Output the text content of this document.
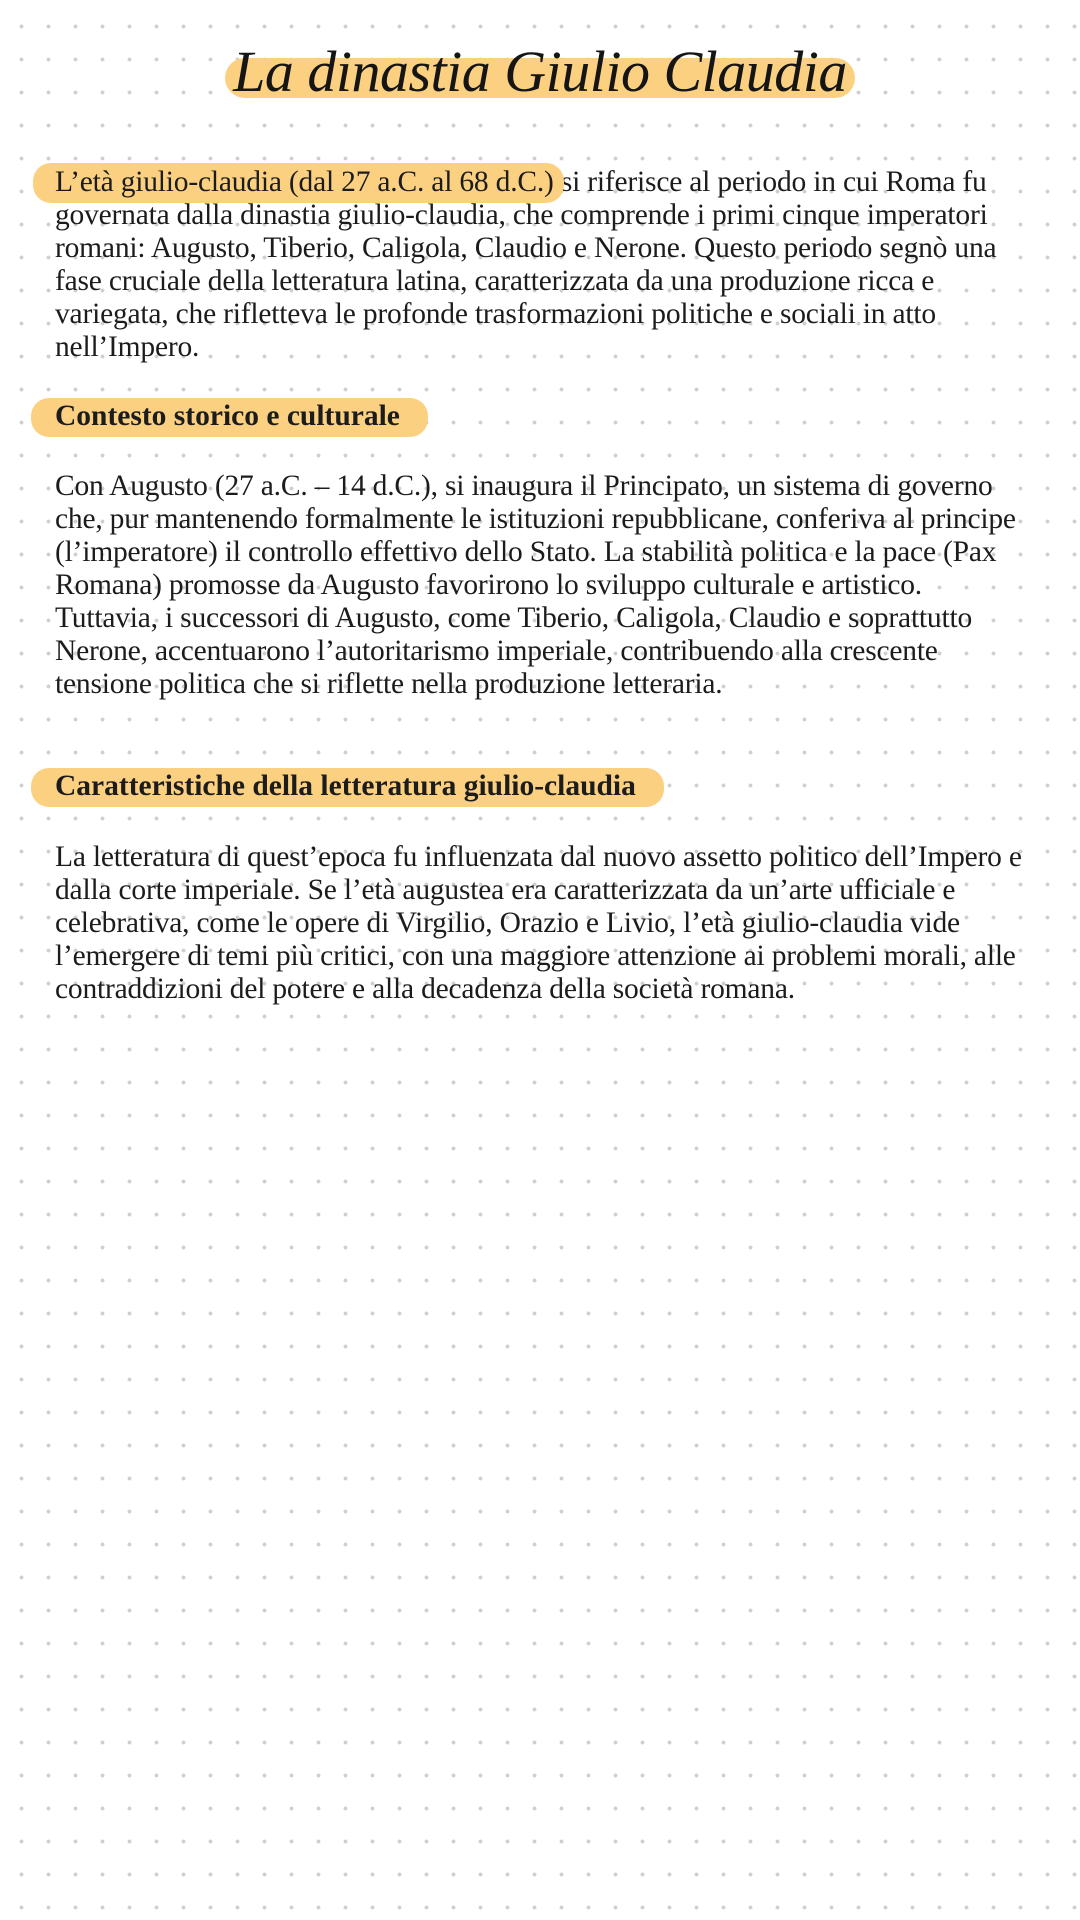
La dinastia Giulio Claudia

L’età giulio-claudia (dal 27 a.C. al 68 d.C.) si riferisce al periodo in cui Roma fu governata dalla dinastia giulio-claudia, che comprende i primi cinque imperatori romani: Augusto, Tiberio, Caligola, Claudio e Nerone. Questo periodo segnò una fase cruciale della letteratura latina, caratterizzata da una produzione ricca e variegata, che rifletteva le profonde trasformazioni politiche e sociali in atto nell’Impero.

Contesto storico e culturale

Con Augusto (27 a.C. – 14 d.C.), si inaugura il Principato, un sistema di governo che, pur mantenendo formalmente le istituzioni repubblicane, conferiva al principe (l’imperatore) il controllo effettivo dello Stato. La stabilità politica e la pace (Pax Romana) promosse da Augusto favorirono lo sviluppo culturale e artistico. Tuttavia, i successori di Augusto, come Tiberio, Caligola, Claudio e soprattutto Nerone, accentuarono l’autoritarismo imperiale, contribuendo alla crescente tensione politica che si riflette nella produzione letteraria.

Caratteristiche della letteratura giulio-claudia

La letteratura di quest’epoca fu influenzata dal nuovo assetto politico dell’Impero e dalla corte imperiale. Se l’età augustea era caratterizzata da un’arte ufficiale e celebrativa, come le opere di Virgilio, Orazio e Livio, l’età giulio-claudia vide l’emergere di temi più critici, con una maggiore attenzione ai problemi morali, alle contraddizioni del potere e alla decadenza della società romana.
